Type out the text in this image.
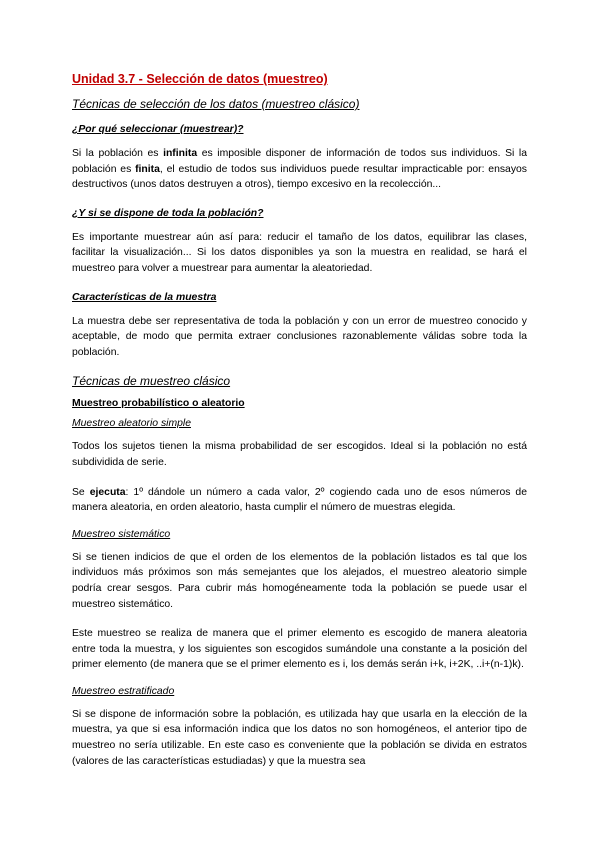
Unidad 3.7 - Selección de datos (muestreo)
Técnicas de selección de los datos (muestreo clásico)
¿Por qué seleccionar (muestrear)?

Si la población es infinita es imposible disponer de información de todos sus individuos. Si la población es finita, el estudio de todos sus individuos puede resultar impracticable por: ensayos destructivos (unos datos destruyen a otros), tiempo excesivo en la recolección...

¿Y si se dispone de toda la población?

Es importante muestrear aún así para: reducir el tamaño de los datos, equilibrar las clases, facilitar la visualización... Si los datos disponibles ya son la muestra en realidad, se hará el muestreo para volver a muestrear para aumentar la aleatoriedad.

Características de la muestra

La muestra debe ser representativa de toda la población y con un error de muestreo conocido y aceptable, de modo que permita extraer conclusiones razonablemente válidas sobre toda la población.

Técnicas de muestreo clásico
Muestreo probabilístico o aleatorio
Muestreo aleatorio simple

Todos los sujetos tienen la misma probabilidad de ser escogidos. Ideal si la población no está subdividida de serie.

Se ejecuta: 1º dándole un número a cada valor, 2º cogiendo cada uno de esos números de manera aleatoria, en orden aleatorio, hasta cumplir el número de muestras elegida.

Muestreo sistemático

Si se tienen indicios de que el orden de los elementos de la población listados es tal que los individuos más próximos son más semejantes que los alejados, el muestreo aleatorio simple podría crear sesgos. Para cubrir más homogéneamente toda la población se puede usar el muestreo sistemático.

Este muestreo se realiza de manera que el primer elemento es escogido de manera aleatoria entre toda la muestra, y los siguientes son escogidos sumándole una constante a la posición del primer elemento (de manera que se el primer elemento es i, los demás serán i+k, i+2K, ..i+(n-1)k).

Muestreo estratificado

Si se dispone de información sobre la población, es utilizada hay que usarla en la elección de la muestra, ya que si esa información indica que los datos no son homogéneos, el anterior tipo de muestreo no sería utilizable. En este caso es conveniente que la población se divida en estratos (valores de las características estudiadas) y que la muestra sea
